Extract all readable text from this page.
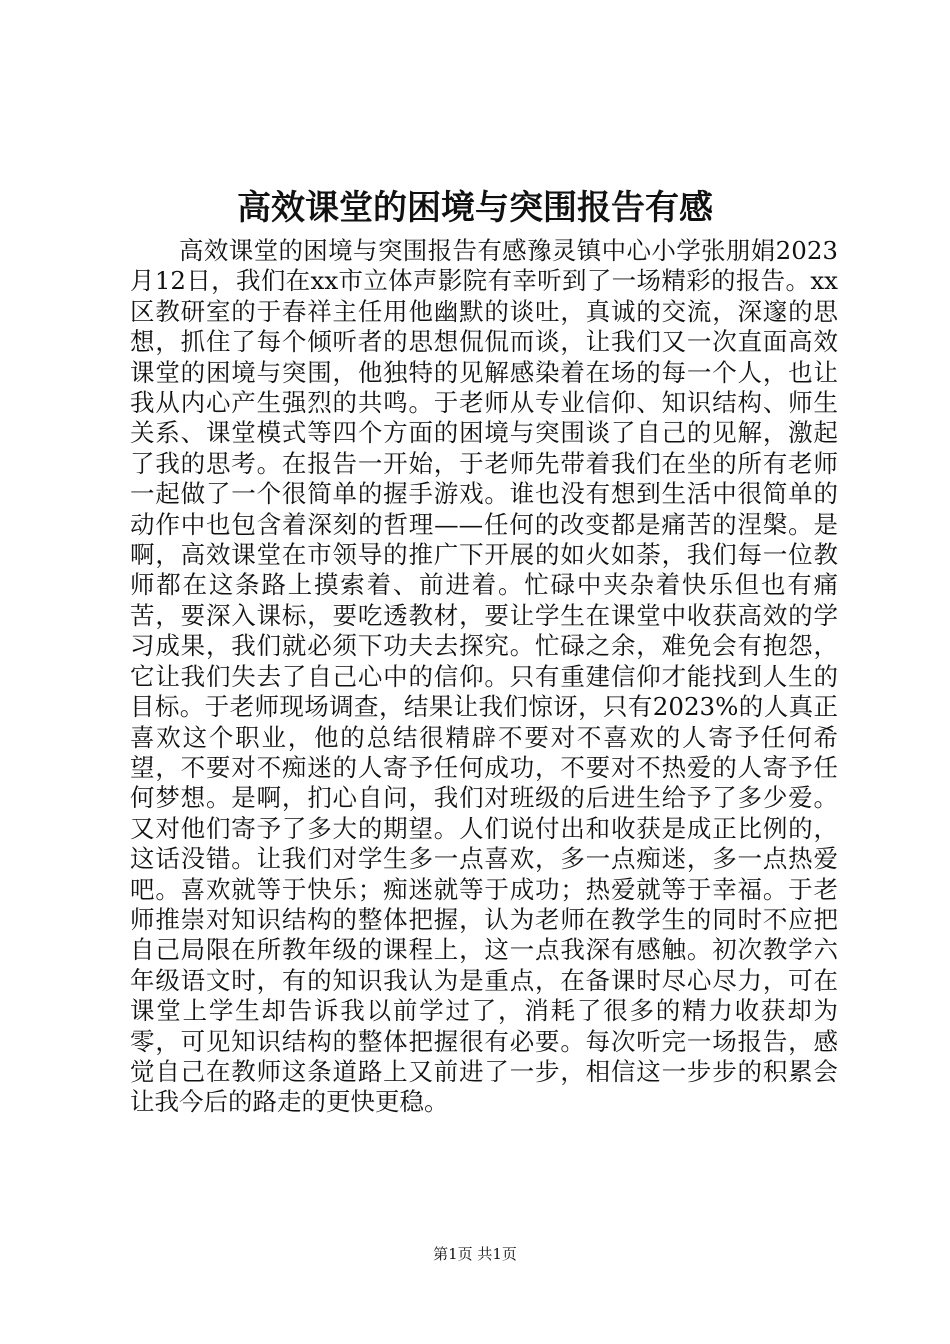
高效课堂的困境与突围报告有感

高效课堂的困境与突围报告有感豫灵镇中心小学张朋娟2023月12日，我们在xx市立体声影院有幸听到了一场精彩的报告。xx区教研室的于春祥主任用他幽默的谈吐，真诚的交流，深邃的思想，抓住了每个倾听者的思想侃侃而谈，让我们又一次直面高效课堂的困境与突围，他独特的见解感染着在场的每一个人，也让我从内心产生强烈的共鸣。于老师从专业信仰、知识结构、师生关系、课堂模式等四个方面的困境与突围谈了自己的见解，激起了我的思考。在报告一开始，于老师先带着我们在坐的所有老师一起做了一个很简单的握手游戏。谁也没有想到生活中很简单的动作中也包含着深刻的哲理——任何的改变都是痛苦的涅槃。是啊，高效课堂在市领导的推广下开展的如火如荼，我们每一位教师都在这条路上摸索着、前进着。忙碌中夹杂着快乐但也有痛苦，要深入课标，要吃透教材，要让学生在课堂中收获高效的学习成果，我们就必须下功夫去探究。忙碌之余，难免会有抱怨，它让我们失去了自己心中的信仰。只有重建信仰才能找到人生的目标。于老师现场调查，结果让我们惊讶，只有2023%的人真正喜欢这个职业，他的总结很精辟不要对不喜欢的人寄予任何希望，不要对不痴迷的人寄予任何成功，不要对不热爱的人寄予任何梦想。是啊，扪心自问，我们对班级的后进生给予了多少爱。又对他们寄予了多大的期望。人们说付出和收获是成正比例的，这话没错。让我们对学生多一点喜欢，多一点痴迷，多一点热爱吧。喜欢就等于快乐；痴迷就等于成功；热爱就等于幸福。于老师推崇对知识结构的整体把握，认为老师在教学生的同时不应把自己局限在所教年级的课程上，这一点我深有感触。初次教学六年级语文时，有的知识我认为是重点，在备课时尽心尽力，可在课堂上学生却告诉我以前学过了，消耗了很多的精力收获却为零，可见知识结构的整体把握很有必要。每次听完一场报告，感觉自己在教师这条道路上又前进了一步，相信这一步步的积累会让我今后的路走的更快更稳。

第1页 共1页
